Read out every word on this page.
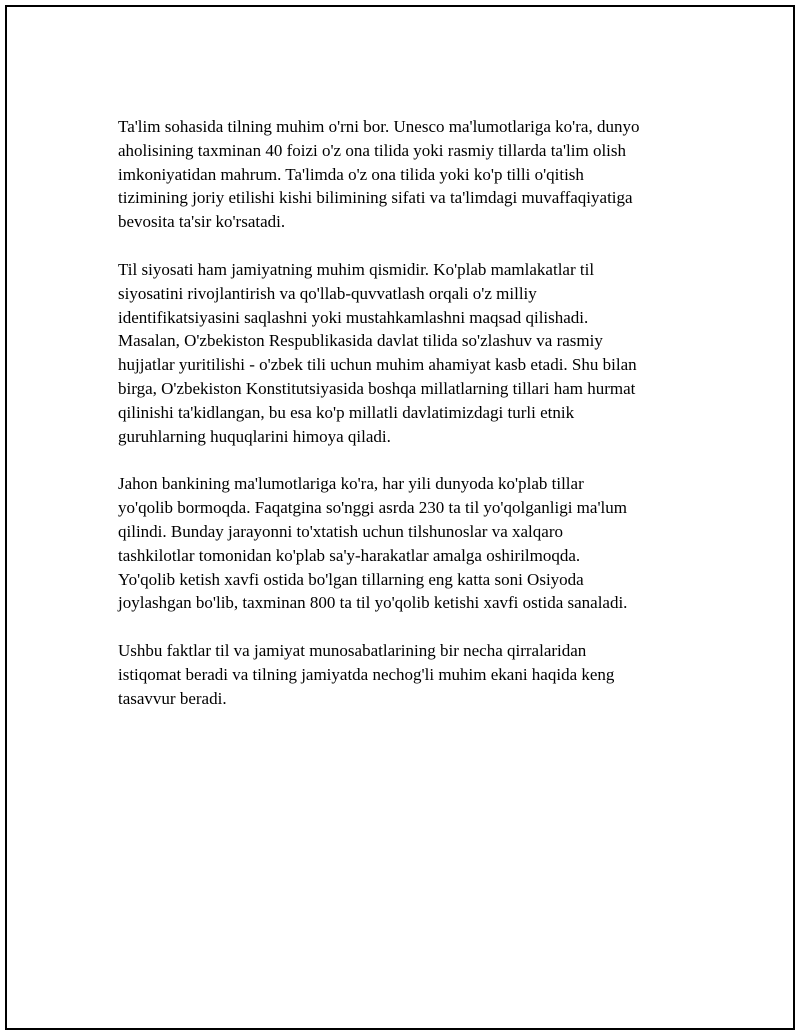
Ta'lim sohasida tilning muhim o'rni bor. Unesco ma'lumotlariga ko'ra, dunyo
aholisining taxminan 40 foizi o'z ona tilida yoki rasmiy tillarda ta'lim olish
imkoniyatidan mahrum. Ta'limda o'z ona tilida yoki ko'p tilli o'qitish
tizimining joriy etilishi kishi bilimining sifati va ta'limdagi muvaffaqiyatiga
bevosita ta'sir ko'rsatadi.

Til siyosati ham jamiyatning muhim qismidir. Ko'plab mamlakatlar til
siyosatini rivojlantirish va qo'llab-quvvatlash orqali o'z milliy
identifikatsiyasini saqlashni yoki mustahkamlashni maqsad qilishadi.
Masalan, O'zbekiston Respublikasida davlat tilida so'zlashuv va rasmiy
hujjatlar yuritilishi - o'zbek tili uchun muhim ahamiyat kasb etadi. Shu bilan
birga, O'zbekiston Konstitutsiyasida boshqa millatlarning tillari ham hurmat
qilinishi ta'kidlangan, bu esa ko'p millatli davlatimizdagi turli etnik
guruhlarning huquqlarini himoya qiladi.

Jahon bankining ma'lumotlariga ko'ra, har yili dunyoda ko'plab tillar
yo'qolib bormoqda. Faqatgina so'nggi asrda 230 ta til yo'qolganligi ma'lum
qilindi. Bunday jarayonni to'xtatish uchun tilshunoslar va xalqaro
tashkilotlar tomonidan ko'plab sa'y-harakatlar amalga oshirilmoqda.
Yo'qolib ketish xavfi ostida bo'lgan tillarning eng katta soni Osiyoda
joylashgan bo'lib, taxminan 800 ta til yo'qolib ketishi xavfi ostida sanaladi.

Ushbu faktlar til va jamiyat munosabatlarining bir necha qirralaridan
istiqomat beradi va tilning jamiyatda nechog'li muhim ekani haqida keng
tasavvur beradi.
